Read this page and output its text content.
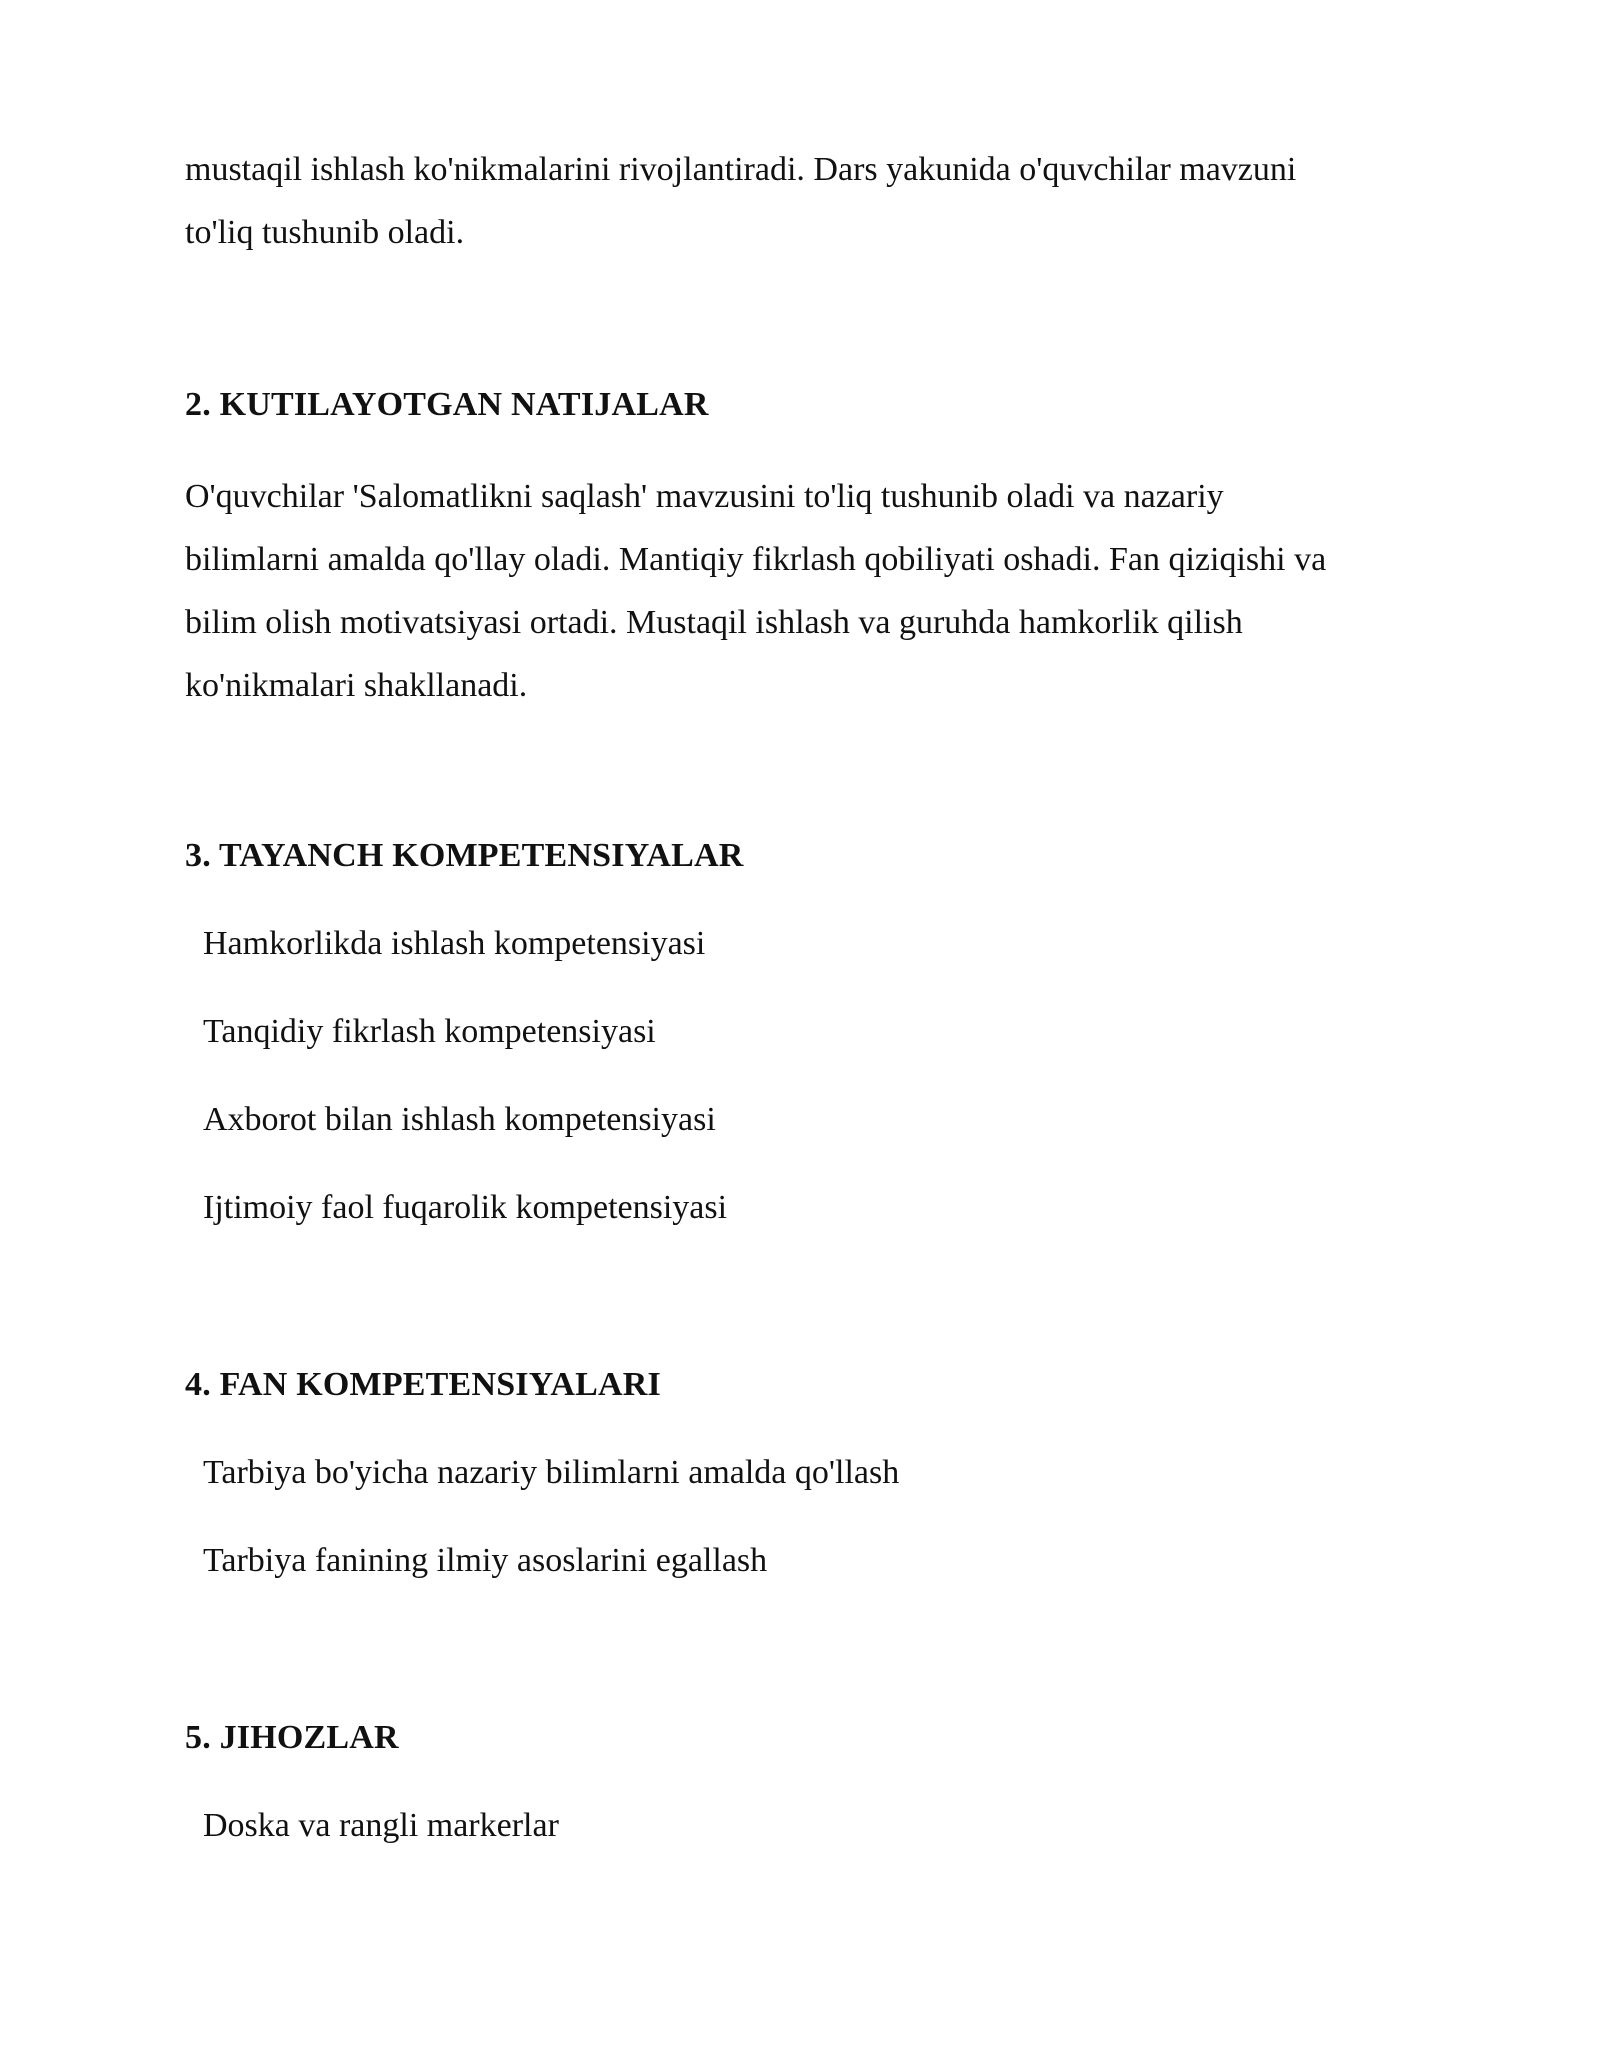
mustaqil ishlash ko'nikmalarini rivojlantiradi. Dars yakunida o'quvchilar mavzuni
to'liq tushunib oladi.
2. KUTILAYOTGAN NATIJALAR
O'quvchilar 'Salomatlikni saqlash' mavzusini to'liq tushunib oladi va nazariy
bilimlarni amalda qo'llay oladi. Mantiqiy fikrlash qobiliyati oshadi. Fan qiziqishi va
bilim olish motivatsiyasi ortadi. Mustaqil ishlash va guruhda hamkorlik qilish
ko'nikmalari shakllanadi.
3. TAYANCH KOMPETENSIYALAR
Hamkorlikda ishlash kompetensiyasi
Tanqidiy fikrlash kompetensiyasi
Axborot bilan ishlash kompetensiyasi
Ijtimoiy faol fuqarolik kompetensiyasi
4. FAN KOMPETENSIYALARI
Tarbiya bo'yicha nazariy bilimlarni amalda qo'llash
Tarbiya fanining ilmiy asoslarini egallash
5. JIHOZLAR
Doska va rangli markerlar
